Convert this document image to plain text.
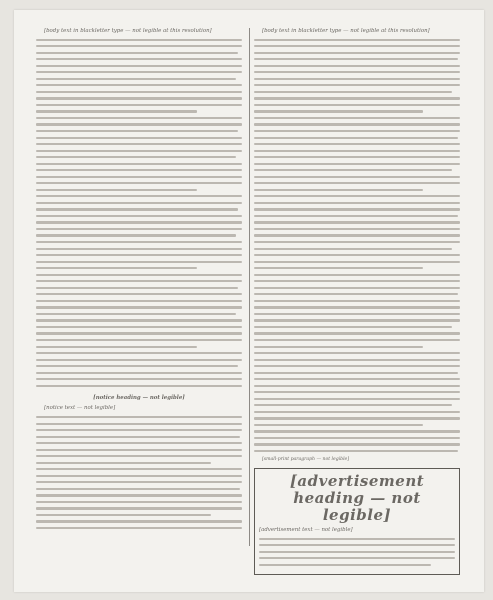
[body text in blackletter type — not legible at this resolution]

[notice heading — not legible]

[notice text — not legible]

[body text in blackletter type — not legible at this resolution]

[small-print paragraph — not legible]

[advertisement heading — not legible]
[advertisement text — not legible]
